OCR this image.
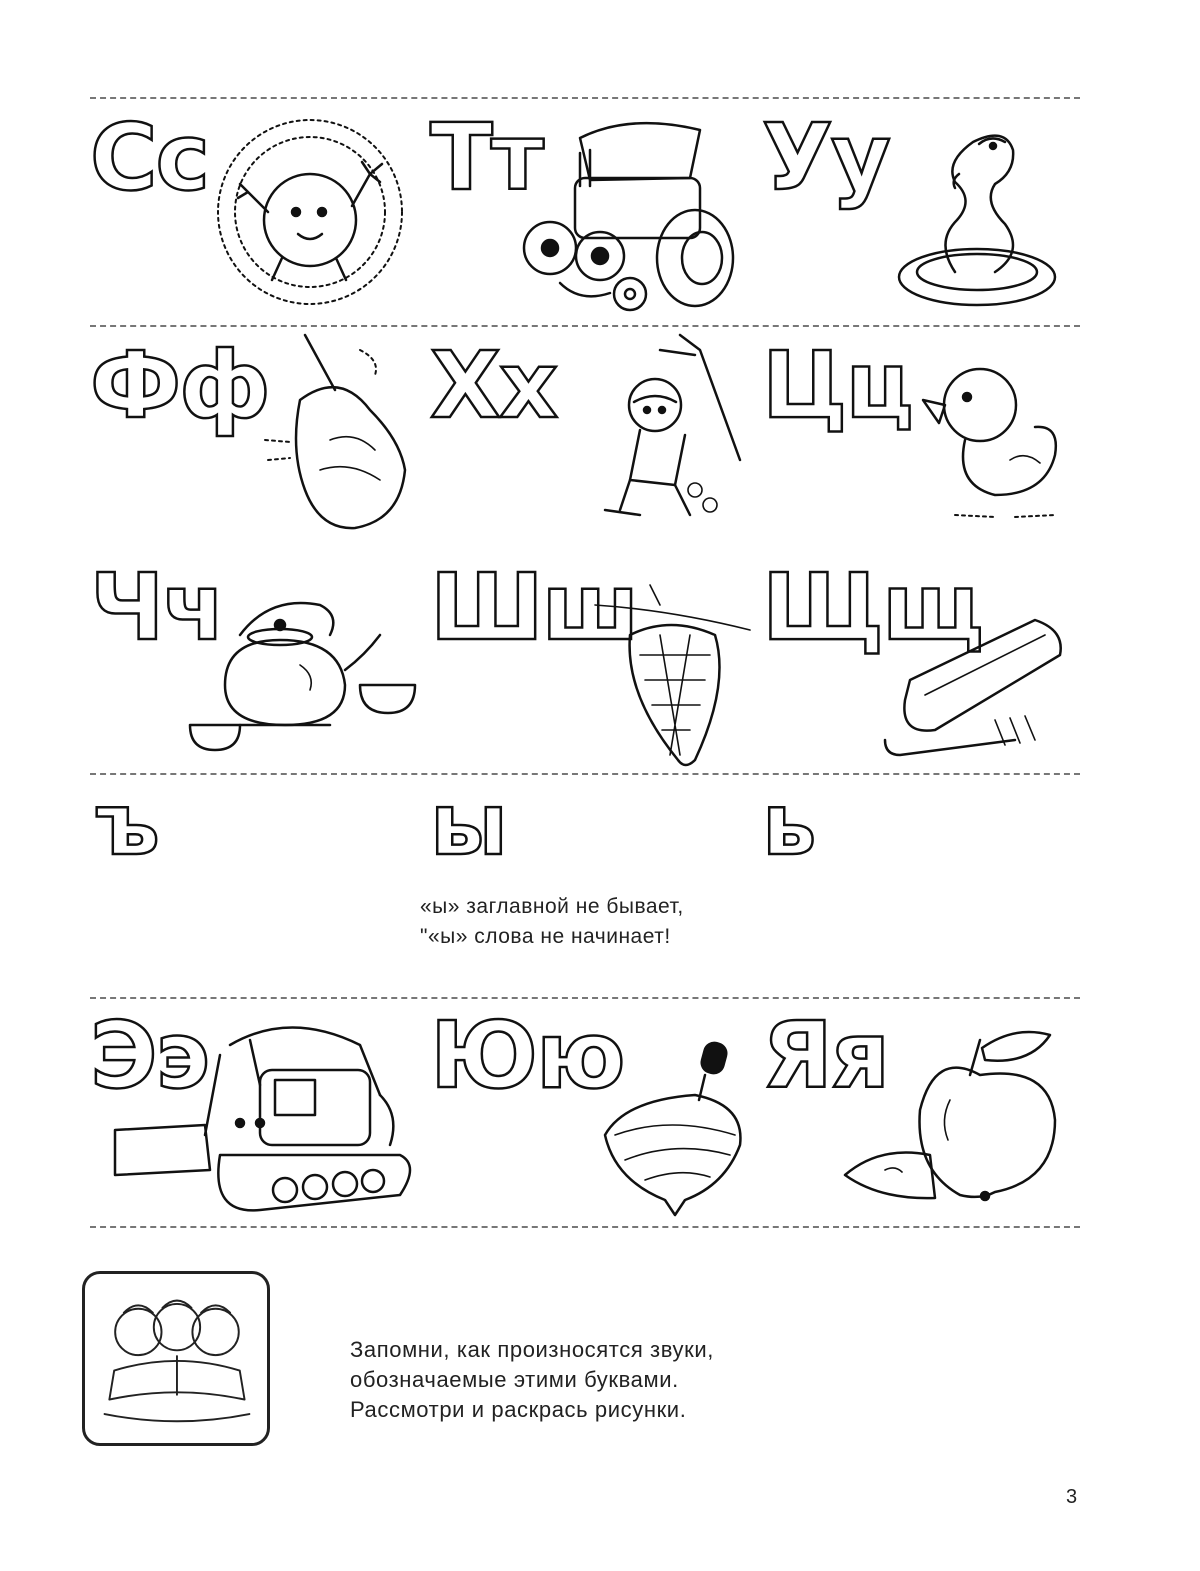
Сс Тт Уу
Фф Хх Цц
Чч Шш Щщ
ъ	ы	ь
«ы» заглавной не бывает,
"«ы» слова не начинает!
Ээ Юю Яя
Запомни, как произносятся звуки,
обозначаемые этими буквами.
Рассмотри и раскрась рисунки.
3
